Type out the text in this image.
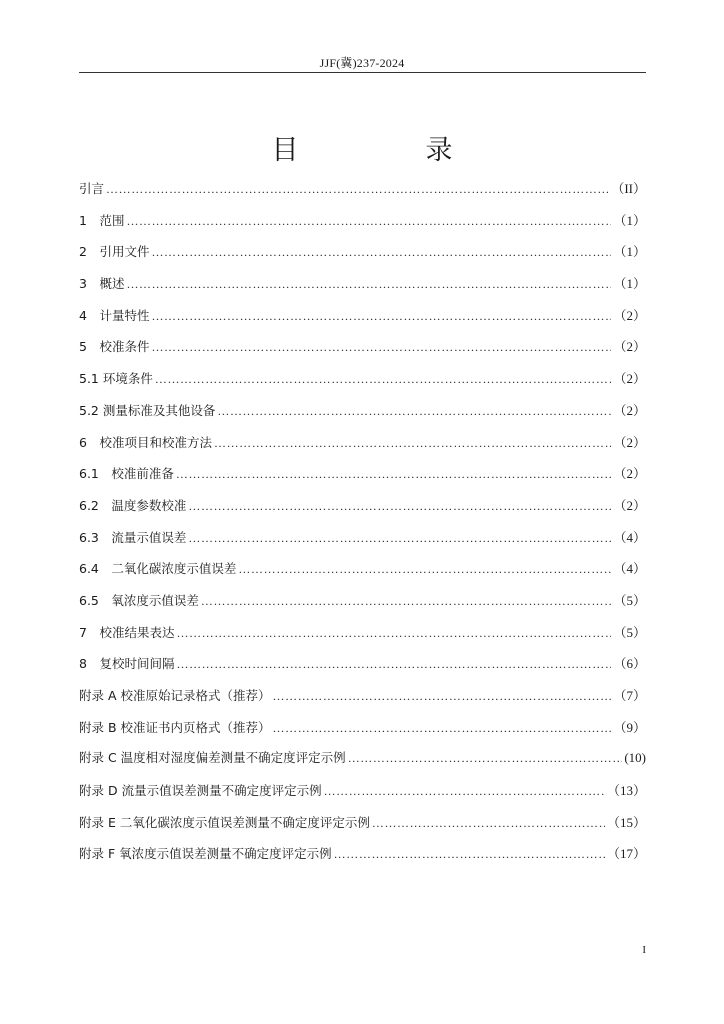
JJF(冀)237-2024
目　录
引言 ………………………………………………………………………………………………………………………………………………………………………………………………	（II）
1　范围 ………………………………………………………………………………………………………………………………………………………………………………………………	（1）
2　引用文件 ………………………………………………………………………………………………………………………………………………………………………………………………	（1）
3　概述 ………………………………………………………………………………………………………………………………………………………………………………………………	（1）
4　计量特性 ………………………………………………………………………………………………………………………………………………………………………………………………	（2）
5　校准条件 ………………………………………………………………………………………………………………………………………………………………………………………………	（2）
5.1 环境条件 ………………………………………………………………………………………………………………………………………………………………………………………………	（2）
5.2 测量标准及其他设备 ………………………………………………………………………………………………………………………………………………………………………………………………	（2）
6　校准项目和校准方法 ………………………………………………………………………………………………………………………………………………………………………………………………	（2）
6.1　校准前准备 ………………………………………………………………………………………………………………………………………………………………………………………………	（2）
6.2　温度参数校准 ………………………………………………………………………………………………………………………………………………………………………………………………	（2）
6.3　流量示值误差 ………………………………………………………………………………………………………………………………………………………………………………………………	（4）
6.4　二氧化碳浓度示值误差 ………………………………………………………………………………………………………………………………………………………………………………………………	（4）
6.5　氧浓度示值误差 ………………………………………………………………………………………………………………………………………………………………………………………………	（5）
7　校准结果表达 ………………………………………………………………………………………………………………………………………………………………………………………………	（5）
8　复校时间间隔 ………………………………………………………………………………………………………………………………………………………………………………………………	（6）
附录 A 校准原始记录格式（推荐） ………………………………………………………………………………………………………………………………………………………………………………………………	（7）
附录 B 校准证书内页格式（推荐） ………………………………………………………………………………………………………………………………………………………………………………………………	（9）
附录 C 温度相对湿度偏差测量不确定度评定示例 ………………………………………………………………………………………………………………………………………………………………………………………………	(10)
附录 D 流量示值误差测量不确定度评定示例 ………………………………………………………………………………………………………………………………………………………………………………………………	（13）
附录 E 二氧化碳浓度示值误差测量不确定度评定示例 ………………………………………………………………………………………………………………………………………………………………………………………………	（15）
附录 F 氧浓度示值误差测量不确定度评定示例 ………………………………………………………………………………………………………………………………………………………………………………………………	（17）
I
